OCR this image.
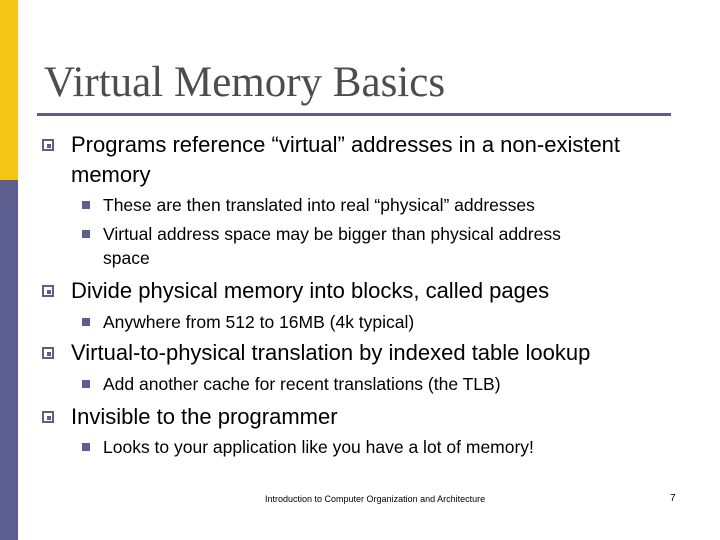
Virtual Memory Basics
Programs reference “virtual” addresses in a non-existent
memory
These are then translated into real “physical” addresses
Virtual address space may be bigger than physical address
space
Divide physical memory into blocks, called pages
Anywhere from 512 to 16MB (4k typical)
Virtual-to-physical translation by indexed table lookup
Add another cache for recent translations (the TLB)
Invisible to the programmer
Looks to your application like you have a lot of memory!
Introduction to Computer Organization and Architecture	7
